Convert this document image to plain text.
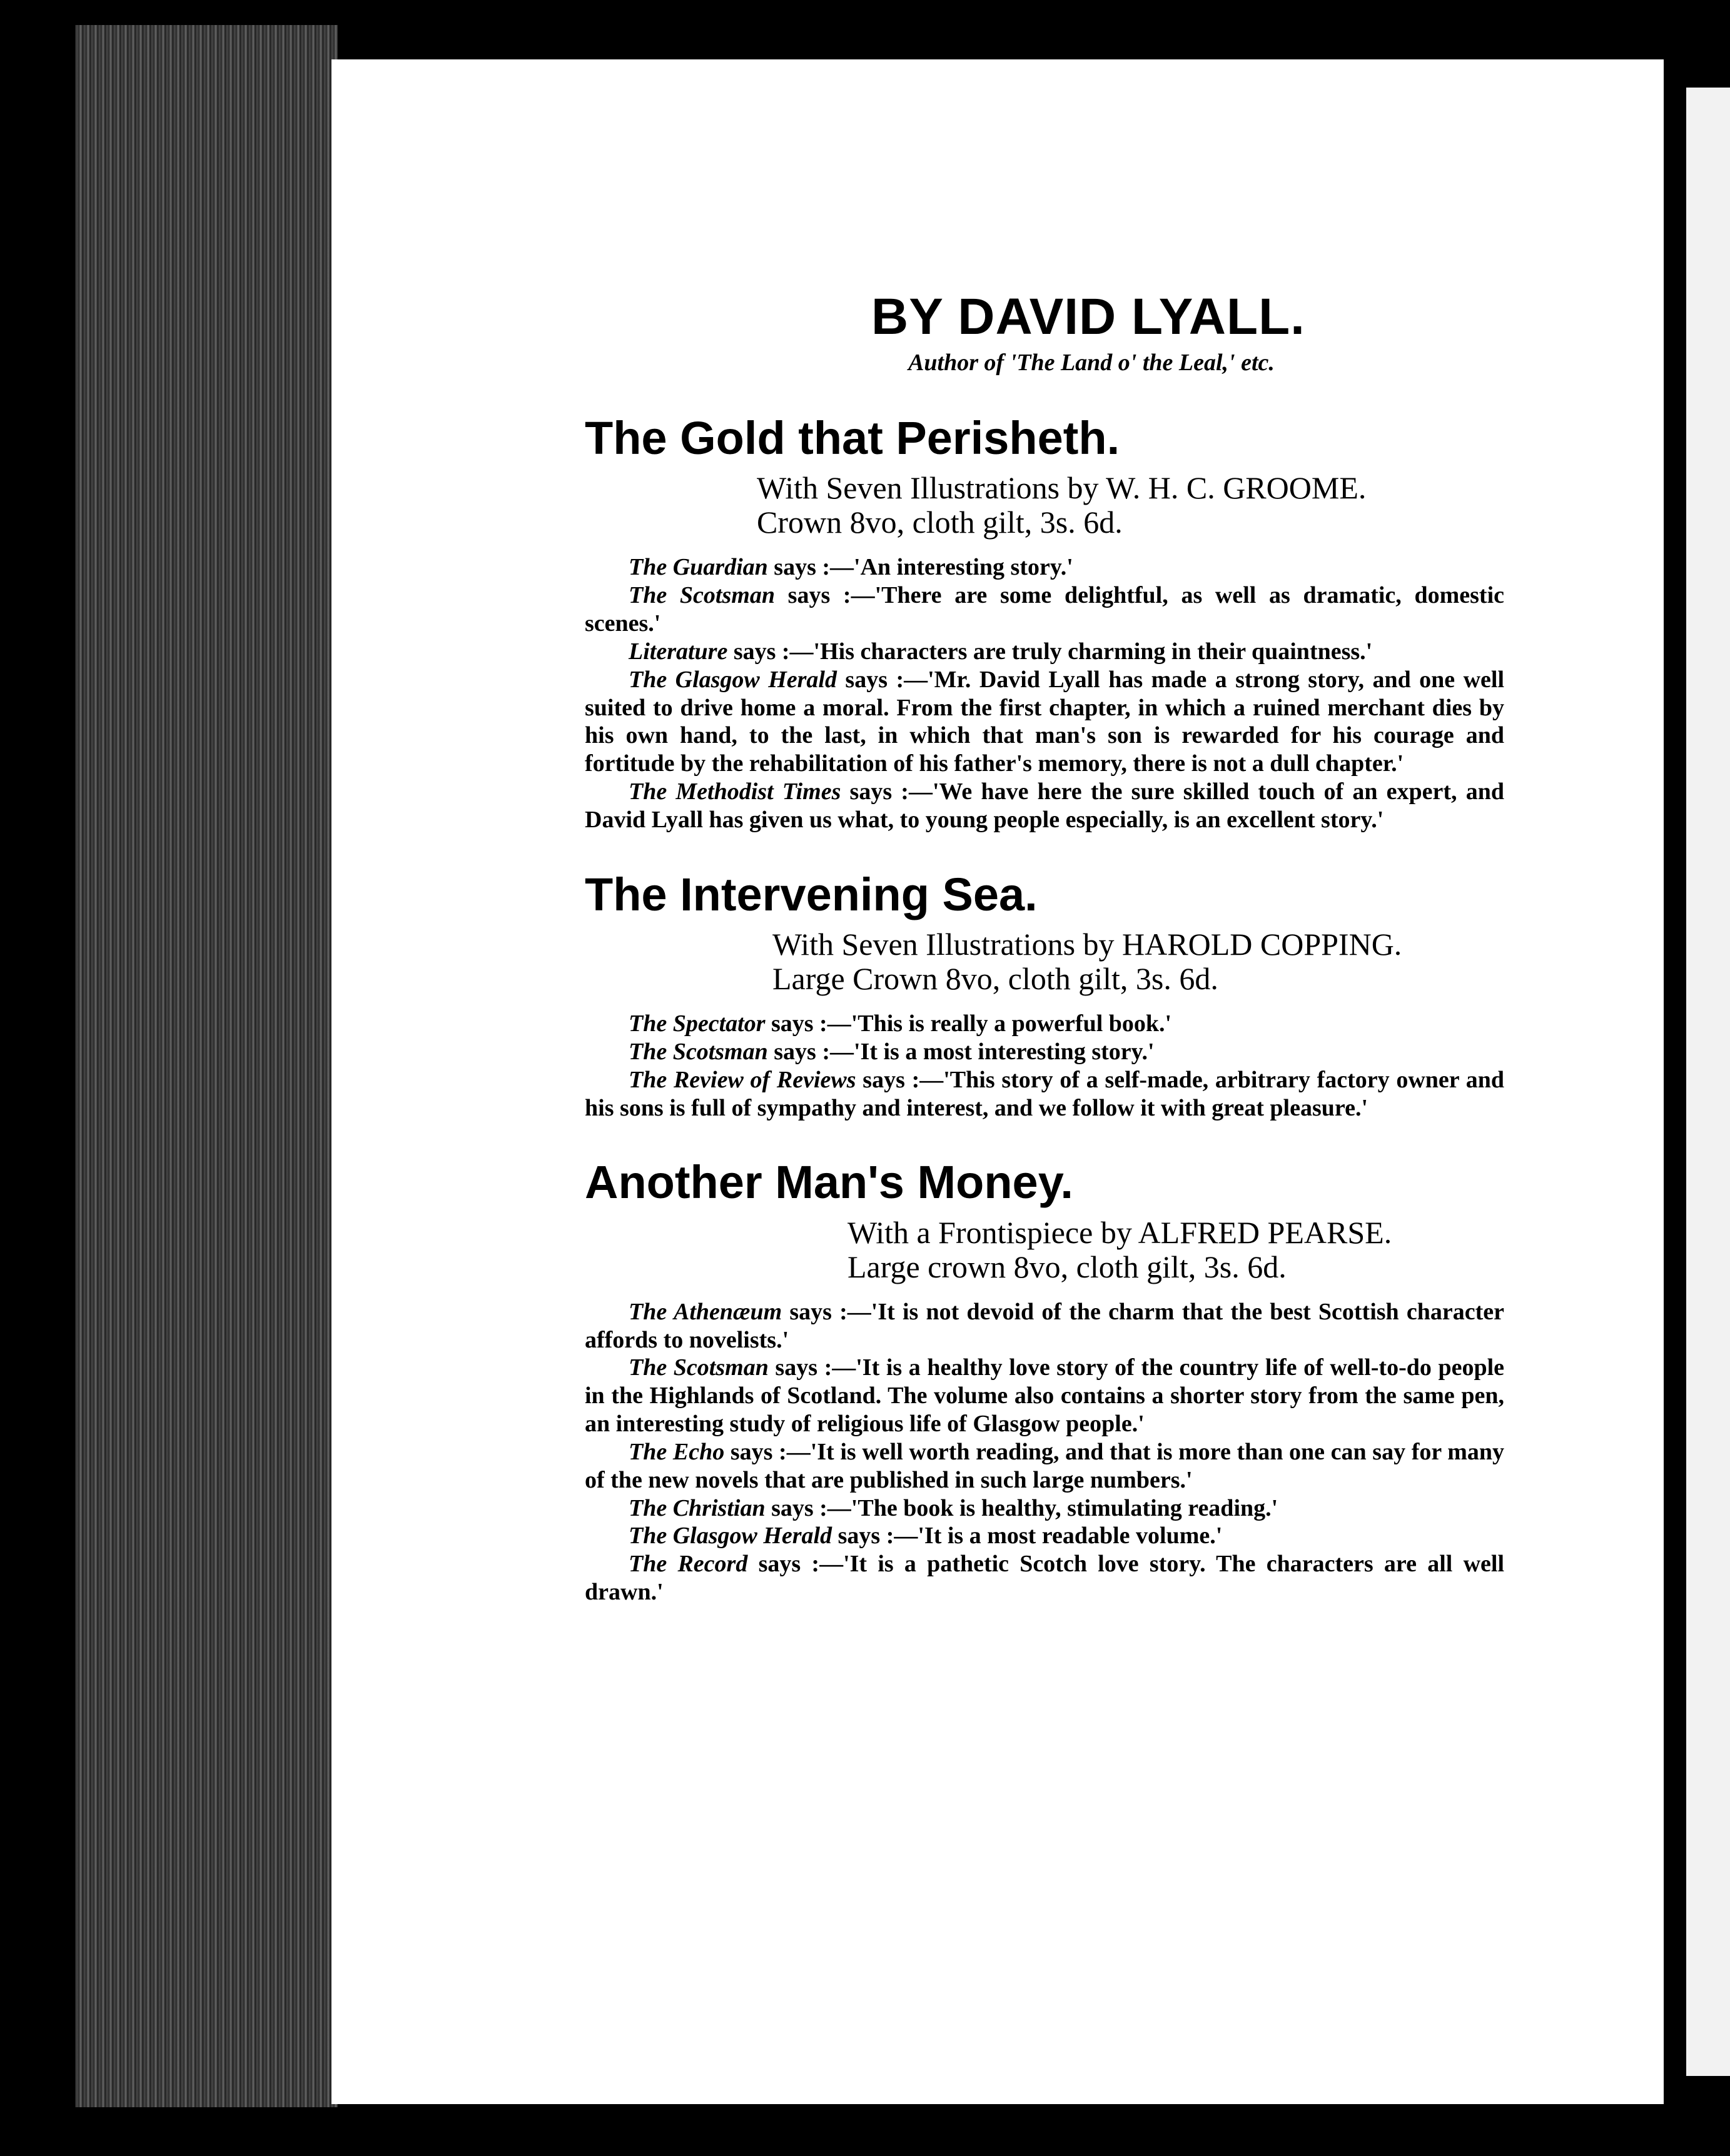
BY DAVID LYALL.
Author of 'The Land o' the Leal,' etc.
The Gold that Perisheth.
With Seven Illustrations by W. H. C. GROOME.
Crown 8vo, cloth gilt, 3s. 6d.

The Guardian says :—'An interesting story.'

The Scotsman says :—'There are some delightful, as well as dramatic, domestic scenes.'

Literature says :—'His characters are truly charming in their quaintness.'

The Glasgow Herald says :—'Mr. David Lyall has made a strong story, and one well suited to drive home a moral. From the first chapter, in which a ruined merchant dies by his own hand, to the last, in which that man's son is rewarded for his courage and fortitude by the rehabilitation of his father's memory, there is not a dull chapter.'

The Methodist Times says :—'We have here the sure skilled touch of an expert, and David Lyall has given us what, to young people especially, is an excellent story.'

The Intervening Sea.
With Seven Illustrations by HAROLD COPPING.
Large Crown 8vo, cloth gilt, 3s. 6d.

The Spectator says :—'This is really a powerful book.'

The Scotsman says :—'It is a most interesting story.'

The Review of Reviews says :—'This story of a self-made, arbitrary factory owner and his sons is full of sympathy and interest, and we follow it with great pleasure.'

Another Man's Money.
With a Frontispiece by ALFRED PEARSE.
Large crown 8vo, cloth gilt, 3s. 6d.

The Athenæum says :—'It is not devoid of the charm that the best Scottish character affords to novelists.'

The Scotsman says :—'It is a healthy love story of the country life of well-to-do people in the Highlands of Scotland. The volume also contains a shorter story from the same pen, an interesting study of religious life of Glasgow people.'

The Echo says :—'It is well worth reading, and that is more than one can say for many of the new novels that are published in such large numbers.'

The Christian says :—'The book is healthy, stimulating reading.'

The Glasgow Herald says :—'It is a most readable volume.'

The Record says :—'It is a pathetic Scotch love story. The characters are all well drawn.'
